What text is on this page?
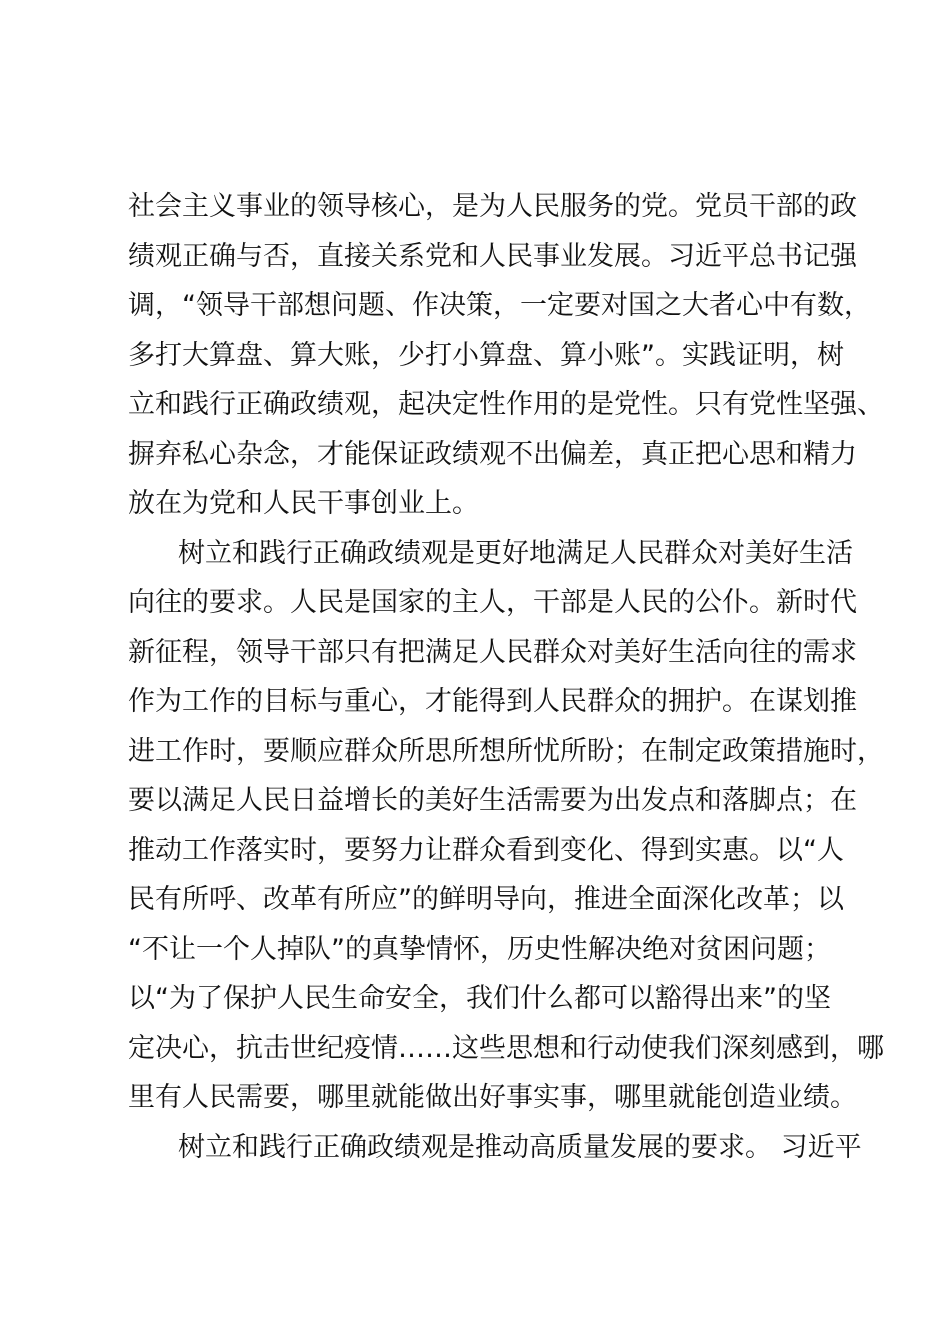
社会主义事业的领导核心，是为人民服务的党。党员干部的政
绩观正确与否，直接关系党和人民事业发展。习近平总书记强
调，“领导干部想问题、作决策，一定要对国之大者心中有数，
多打大算盘、算大账，少打小算盘、算小账”。实践证明，树
立和践行正确政绩观，起决定性作用的是党性。只有党性坚强、
摒弃私心杂念，才能保证政绩观不出偏差，真正把心思和精力
放在为党和人民干事创业上。
树立和践行正确政绩观是更好地满足人民群众对美好生活
向往的要求。人民是国家的主人，干部是人民的公仆。新时代
新征程，领导干部只有把满足人民群众对美好生活向往的需求
作为工作的目标与重心，才能得到人民群众的拥护。在谋划推
进工作时，要顺应群众所思所想所忧所盼；在制定政策措施时，
要以满足人民日益增长的美好生活需要为出发点和落脚点；在
推动工作落实时，要努力让群众看到变化、得到实惠。以“人
民有所呼、改革有所应”的鲜明导向，推进全面深化改革；以
“不让一个人掉队”的真挚情怀，历史性解决绝对贫困问题；
以“为了保护人民生命安全，我们什么都可以豁得出来”的坚
定决心，抗击世纪疫情……这些思想和行动使我们深刻感到，哪
里有人民需要，哪里就能做出好事实事，哪里就能创造业绩。
树立和践行正确政绩观是推动高质量发展的要求。 习近平
